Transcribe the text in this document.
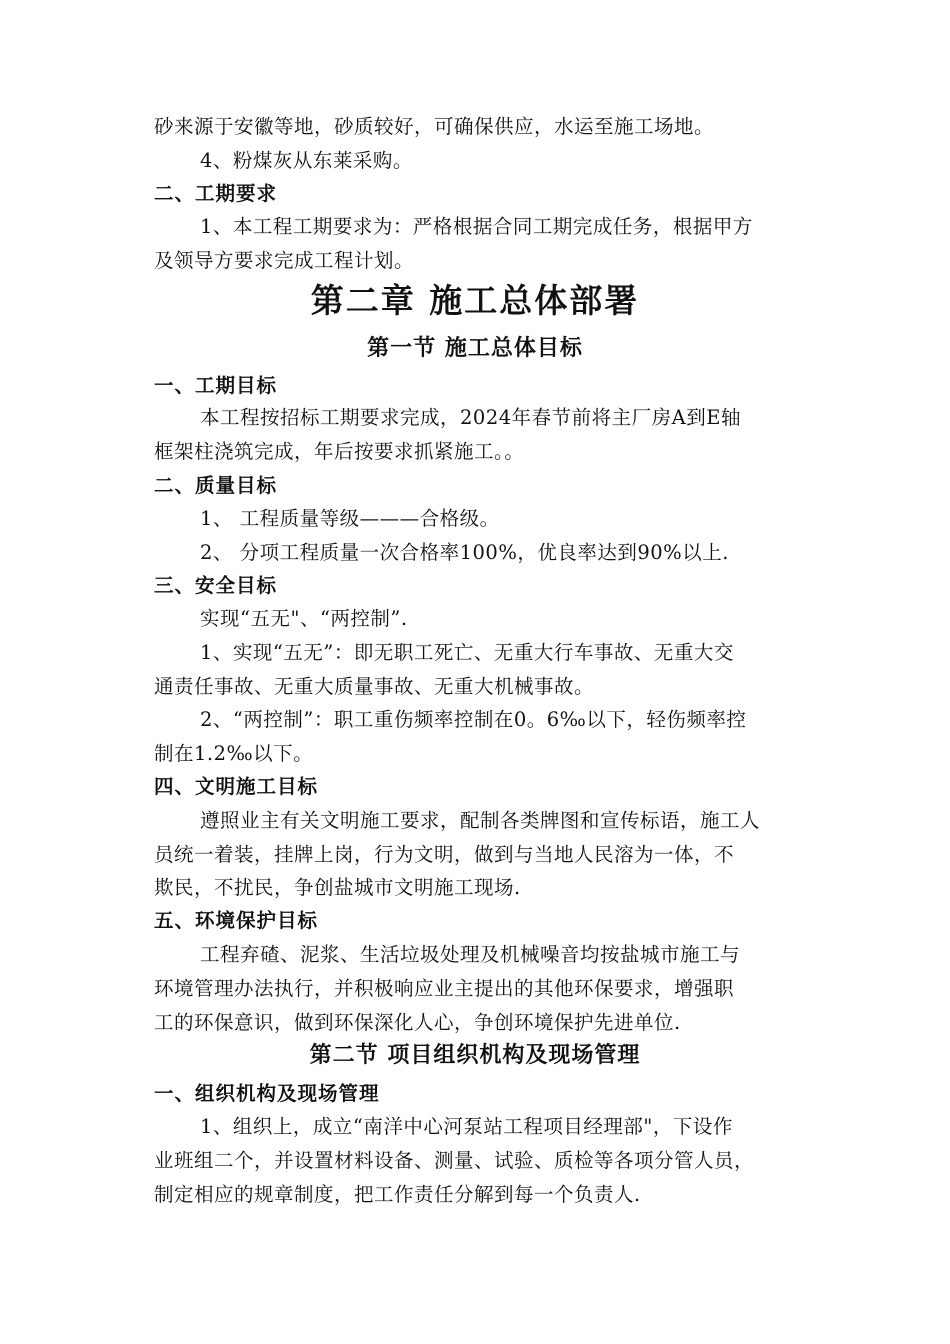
砂来源于安徽等地，砂质较好，可确保供应，水运至施工场地。
4、粉煤灰从东莱采购。
二、工期要求
1、本工程工期要求为：严格根据合同工期完成任务，根据甲方
及领导方要求完成工程计划。
第二章 施工总体部署
第一节 施工总体目标
一、工期目标
本工程按招标工期要求完成，2024年春节前将主厂房A到E轴
框架柱浇筑完成，年后按要求抓紧施工。。
二、质量目标
1、 工程质量等级———合格级。
2、 分项工程质量一次合格率100%，优良率达到90%以上.
三、安全目标
实现“五无"、“两控制”.
1、实现“五无”：即无职工死亡、无重大行车事故、无重大交
通责任事故、无重大质量事故、无重大机械事故。
2、“两控制”：职工重伤频率控制在0。6‰以下，轻伤频率控
制在1.2‰以下。
四、文明施工目标
遵照业主有关文明施工要求，配制各类牌图和宣传标语，施工人
员统一着装，挂牌上岗，行为文明，做到与当地人民溶为一体，不
欺民，不扰民，争创盐城市文明施工现场.
五、环境保护目标
工程弃碴、泥浆、生活垃圾处理及机械噪音均按盐城市施工与
环境管理办法执行，并积极响应业主提出的其他环保要求，增强职
工的环保意识，做到环保深化人心，争创环境保护先进单位.
第二节 项目组织机构及现场管理
一、组织机构及现场管理
1、组织上，成立“南洋中心河泵站工程项目经理部"，下设作
业班组二个，并设置材料设备、测量、试验、质检等各项分管人员，
制定相应的规章制度，把工作责任分解到每一个负责人.
